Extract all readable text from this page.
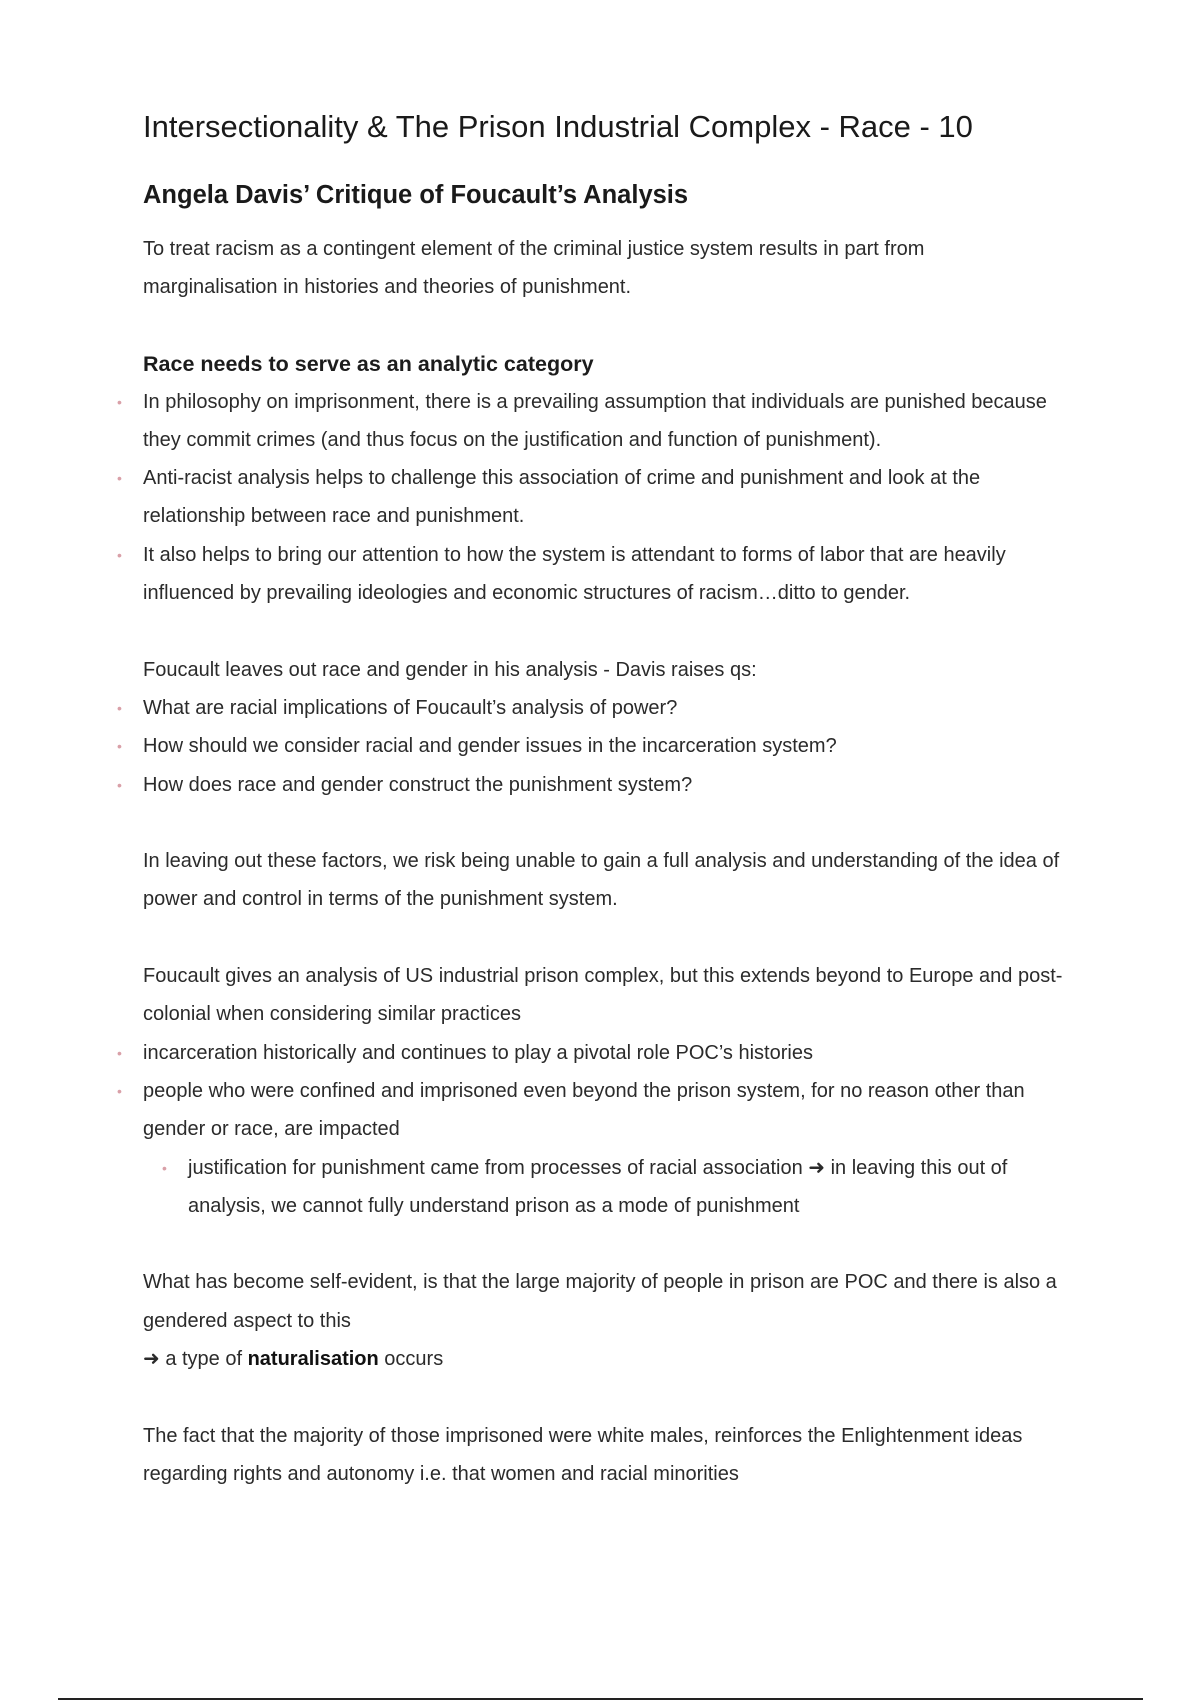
Intersectionality & The Prison Industrial Complex - Race - 10
Angela Davis’ Critique of Foucault’s Analysis

To treat racism as a contingent element of the criminal justice system results in part from marginalisation in histories and theories of punishment.

Race needs to serve as an analytic category
• In philosophy on imprisonment, there is a prevailing assumption that individuals are punished because they commit crimes (and thus focus on the justification and function of punishment).
• Anti-racist analysis helps to challenge this association of crime and punishment and look at the relationship between race and punishment.
• It also helps to bring our attention to how the system is attendant to forms of labor that are heavily influenced by prevailing ideologies and economic structures of racism…ditto to gender.

Foucault leaves out race and gender in his analysis - Davis raises qs:

• What are racial implications of Foucault’s analysis of power?
• How should we consider racial and gender issues in the incarceration system?
• How does race and gender construct the punishment system?

In leaving out these factors, we risk being unable to gain a full analysis and understanding of the idea of power and control in terms of the punishment system.

Foucault gives an analysis of US industrial prison complex, but this extends beyond to Europe and post-colonial when considering similar practices

• incarceration historically and continues to play a pivotal role POC’s histories
• people who were confined and imprisoned even beyond the prison system, for no reason other than gender or race, are impacted
• justification for punishment came from processes of racial association ➜ in leaving this out of analysis, we cannot fully understand prison as a mode of punishment

What has become self-evident, is that the large majority of people in prison are POC and there is also a gendered aspect to this

➜ a type of naturalisation occurs

The fact that the majority of those imprisoned were white males, reinforces the Enlightenment ideas regarding rights and autonomy i.e. that women and racial minorities
